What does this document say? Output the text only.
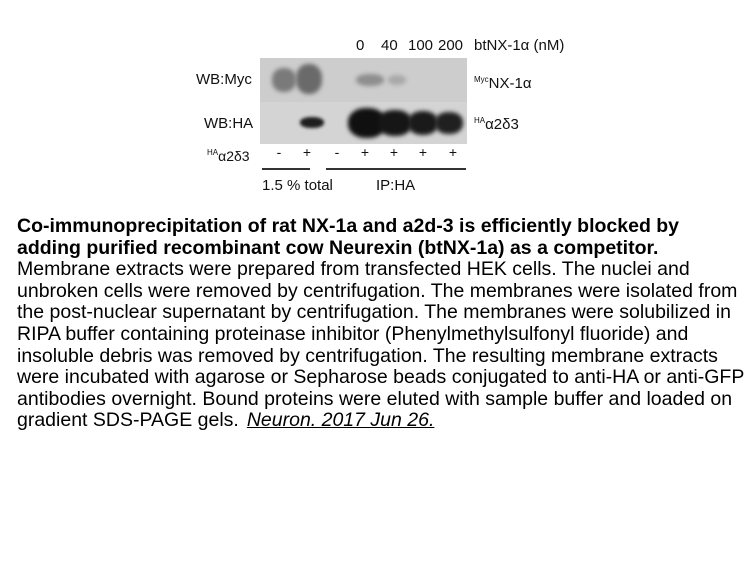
0 40 100 200 btNX-1α (nM)
WB:Myc
WB:HA
$^{Myc}$NX-1α
$^{HA}$α2δ3
$^{HA}$α2δ3	-	+	-	+ + + +
1.5 % total	IP:HA
Co-immunoprecipitation of rat NX-1a and a2d-3 is efficiently blocked by adding purified recombinant cow Neurexin (btNX-1a) as a competitor.
Membrane extracts were prepared from transfected HEK cells. The nuclei and unbroken cells were removed by centrifugation. The membranes were isolated from the post-nuclear supernatant by centrifugation. The membranes were solubilized in RIPA buffer containing proteinase inhibitor (Phenylmethylsulfonyl fluoride) and insoluble debris was removed by centrifugation. The resulting membrane extracts were incubated with agarose or Sepharose beads conjugated to anti-HA or anti-GFP antibodies overnight. Bound proteins were eluted with sample buffer and loaded on gradient SDS-PAGE gels. Neuron. 2017 Jun 26.
